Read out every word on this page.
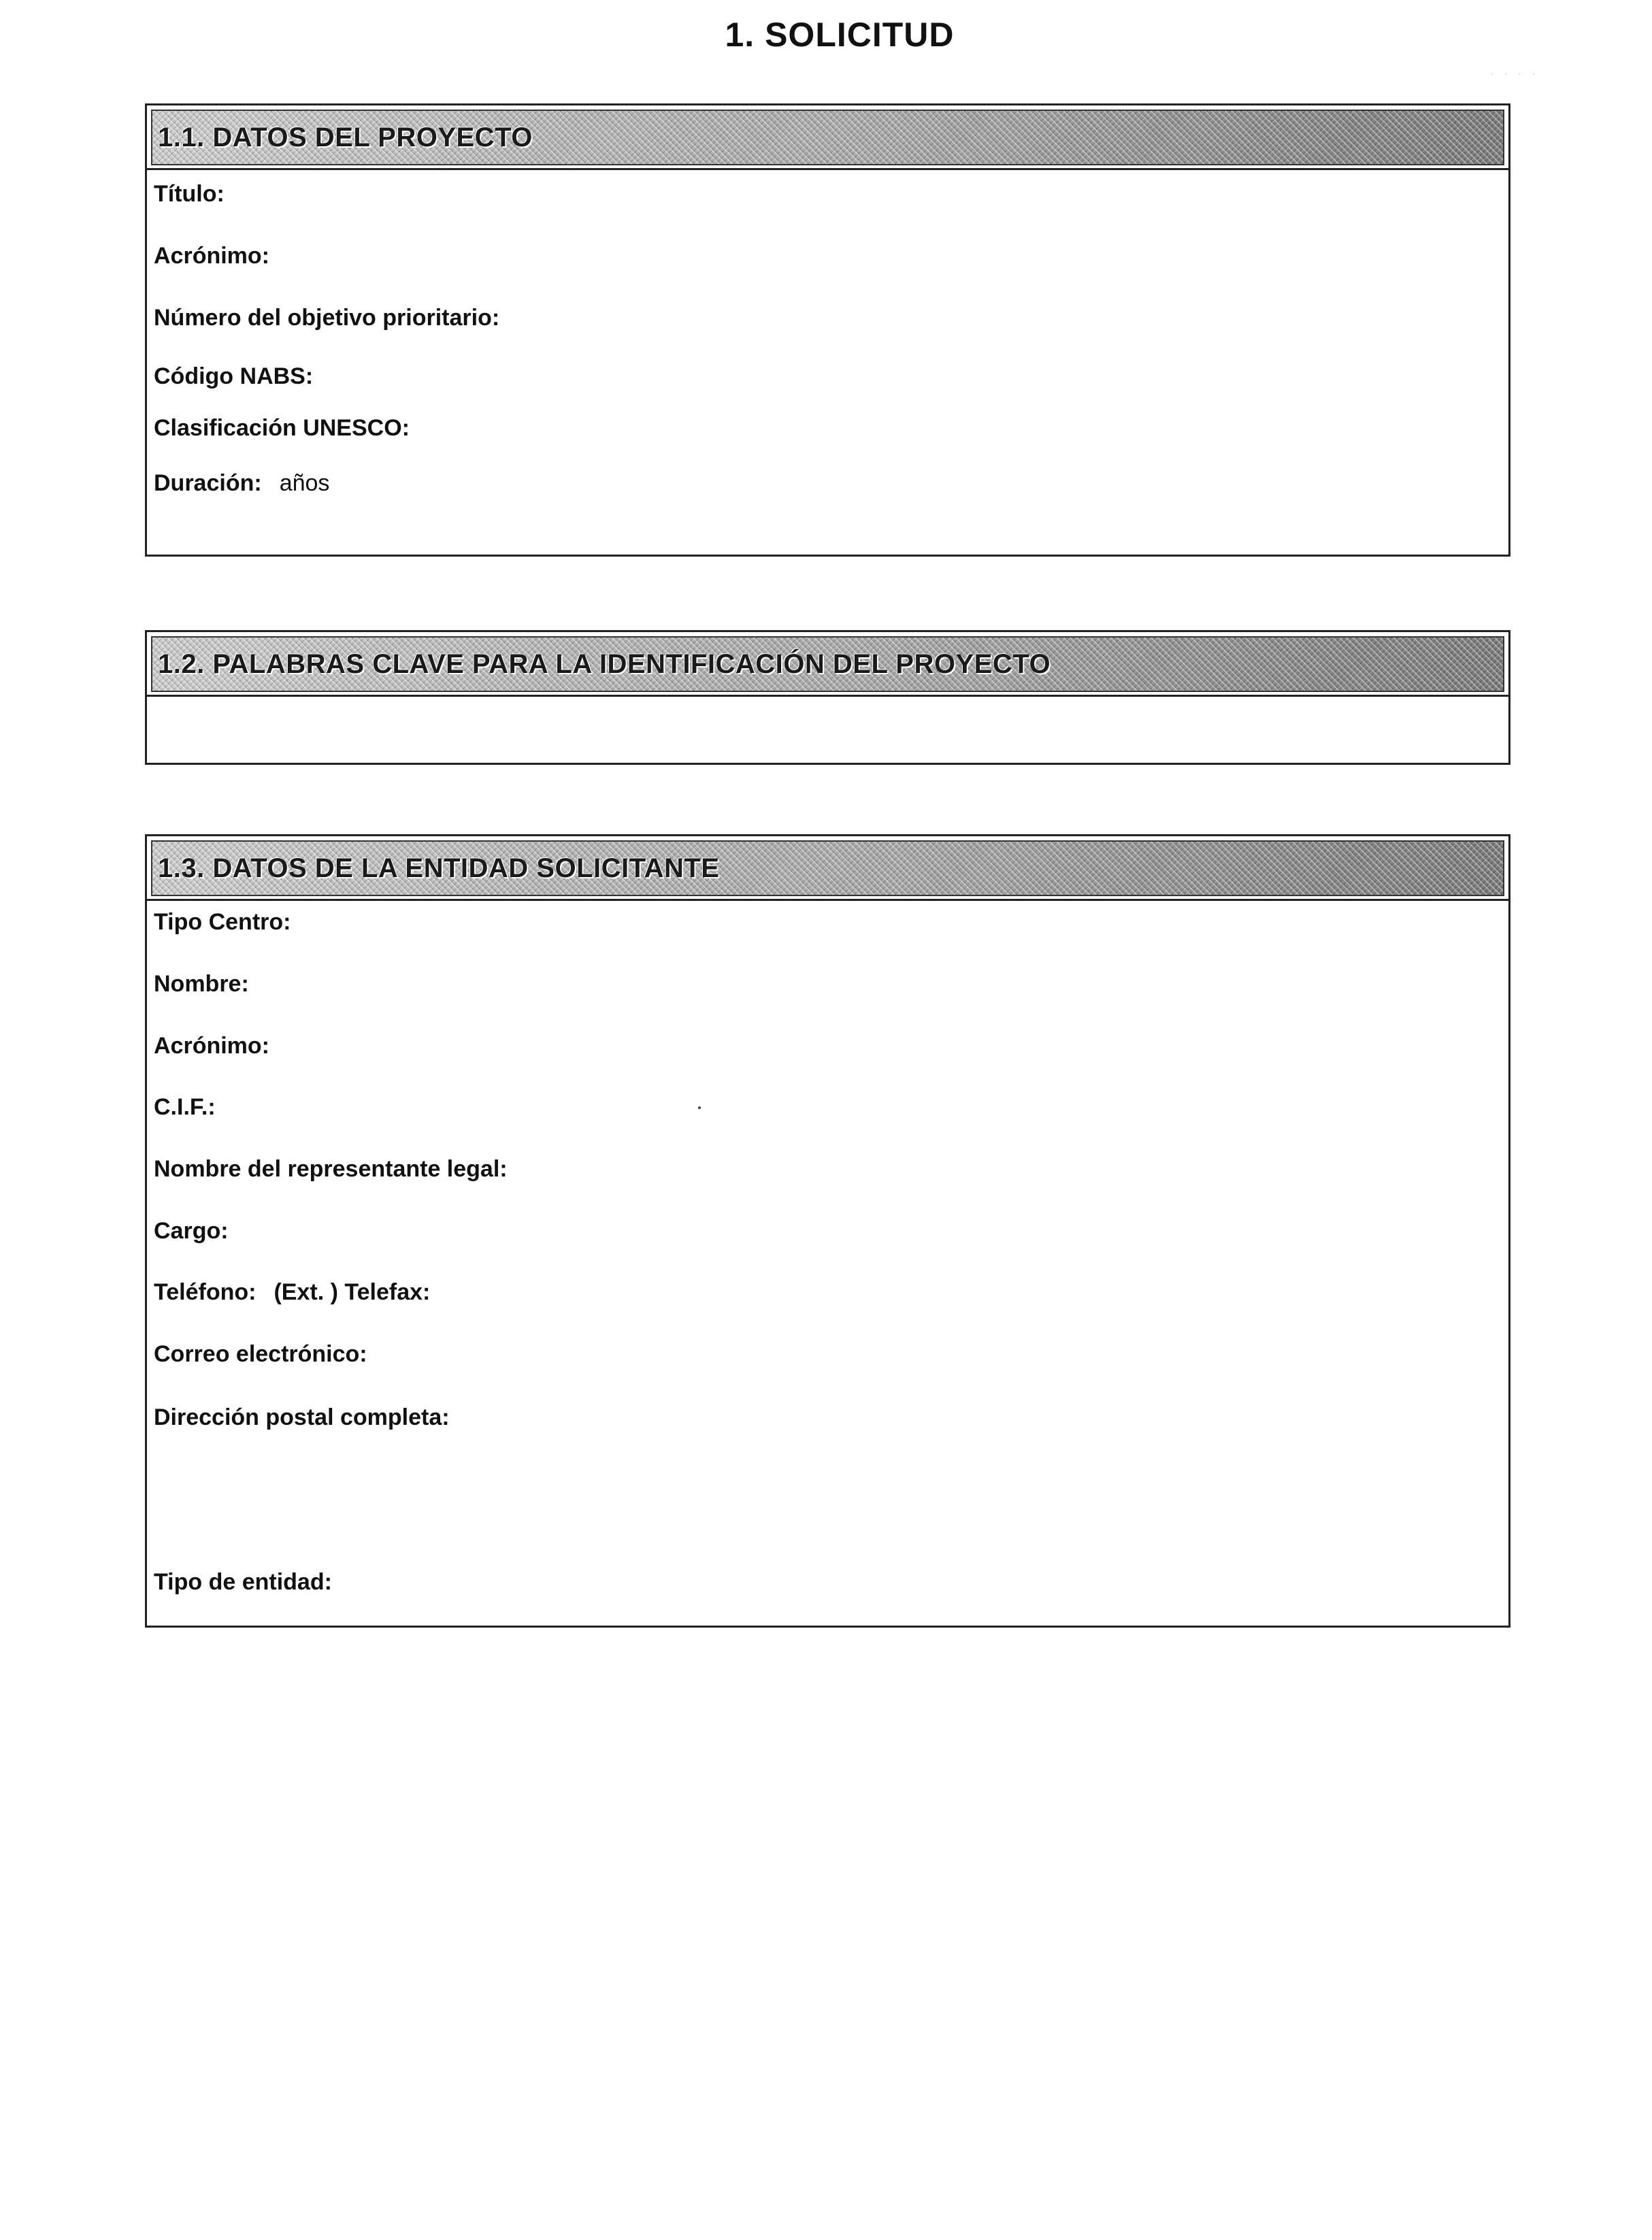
1. SOLICITUD
· · · ·
1.1. DATOS DEL PROYECTO
Título:
Acrónimo:
Número del objetivo prioritario:
Código NABS:
Clasificación UNESCO:
Duración: años
1.2. PALABRAS CLAVE PARA LA IDENTIFICACIÓN DEL PROYECTO
1.3. DATOS DE LA ENTIDAD SOLICITANTE
Tipo Centro:
Nombre:
Acrónimo:
C.I.F.:
Nombre del representante legal:
Cargo:
Teléfono: (Ext. ) Telefax:
Correo electrónico:
Dirección postal completa:
Tipo de entidad:
